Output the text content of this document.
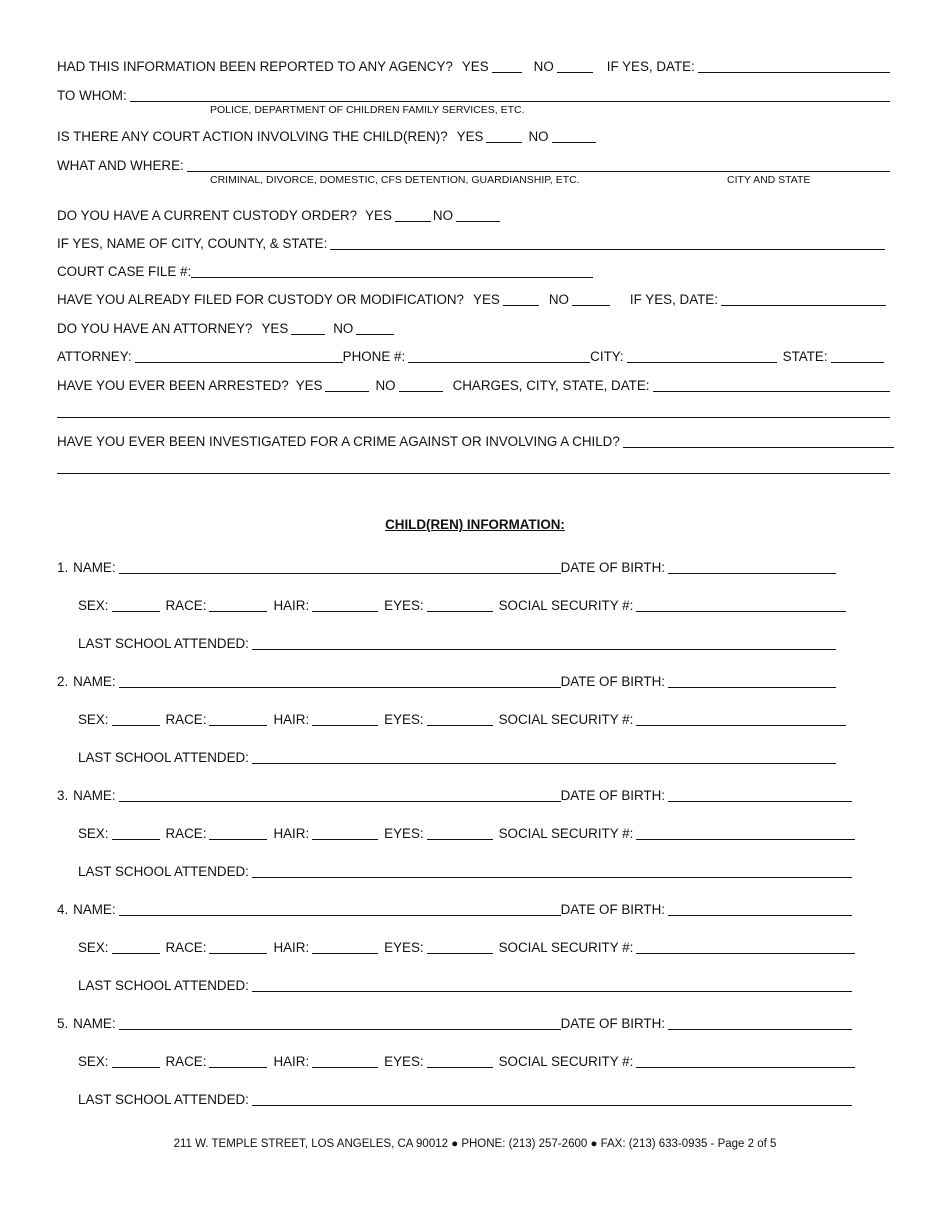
HAD THIS INFORMATION BEEN REPORTED TO ANY AGENCY? YES	NO	IF YES, DATE:
TO WHOM:
POLICE, DEPARTMENT OF CHILDREN FAMILY SERVICES, ETC.
IS THERE ANY COURT ACTION INVOLVING THE CHILD(REN)? YES	NO
WHAT AND WHERE:
CRIMINAL, DIVORCE, DOMESTIC, CFS DETENTION, GUARDIANSHIP, ETC.	CITY AND STATE
DO YOU HAVE A CURRENT CUSTODY ORDER? YES	NO
IF YES, NAME OF CITY, COUNTY, & STATE:
COURT CASE FILE #:
HAVE YOU ALREADY FILED FOR CUSTODY OR MODIFICATION? YES	NO	IF YES, DATE:
DO YOU HAVE AN ATTORNEY? YES	NO
ATTORNEY:	PHONE #:	CITY:	STATE:
HAVE YOU EVER BEEN ARRESTED? YES	NO	CHARGES, CITY, STATE, DATE:
HAVE YOU EVER BEEN INVESTIGATED FOR A CRIME AGAINST OR INVOLVING A CHILD?
CHILD(REN) INFORMATION:
1. NAME:	DATE OF BIRTH:
SEX:	RACE:	HAIR:	EYES:	SOCIAL SECURITY #:
LAST SCHOOL ATTENDED:
2. NAME:	DATE OF BIRTH:
SEX:	RACE:	HAIR:	EYES:	SOCIAL SECURITY #:
LAST SCHOOL ATTENDED:
3. NAME:	DATE OF BIRTH:
SEX:	RACE:	HAIR:	EYES:	SOCIAL SECURITY #:
LAST SCHOOL ATTENDED:
4. NAME:	DATE OF BIRTH:
SEX:	RACE:	HAIR:	EYES:	SOCIAL SECURITY #:
LAST SCHOOL ATTENDED:
5. NAME:	DATE OF BIRTH:
SEX:	RACE:	HAIR:	EYES:	SOCIAL SECURITY #:
LAST SCHOOL ATTENDED:
211 W. TEMPLE STREET, LOS ANGELES, CA 90012 ● PHONE: (213) 257-2600 ● FAX: (213) 633-0935 - Page 2 of 5
